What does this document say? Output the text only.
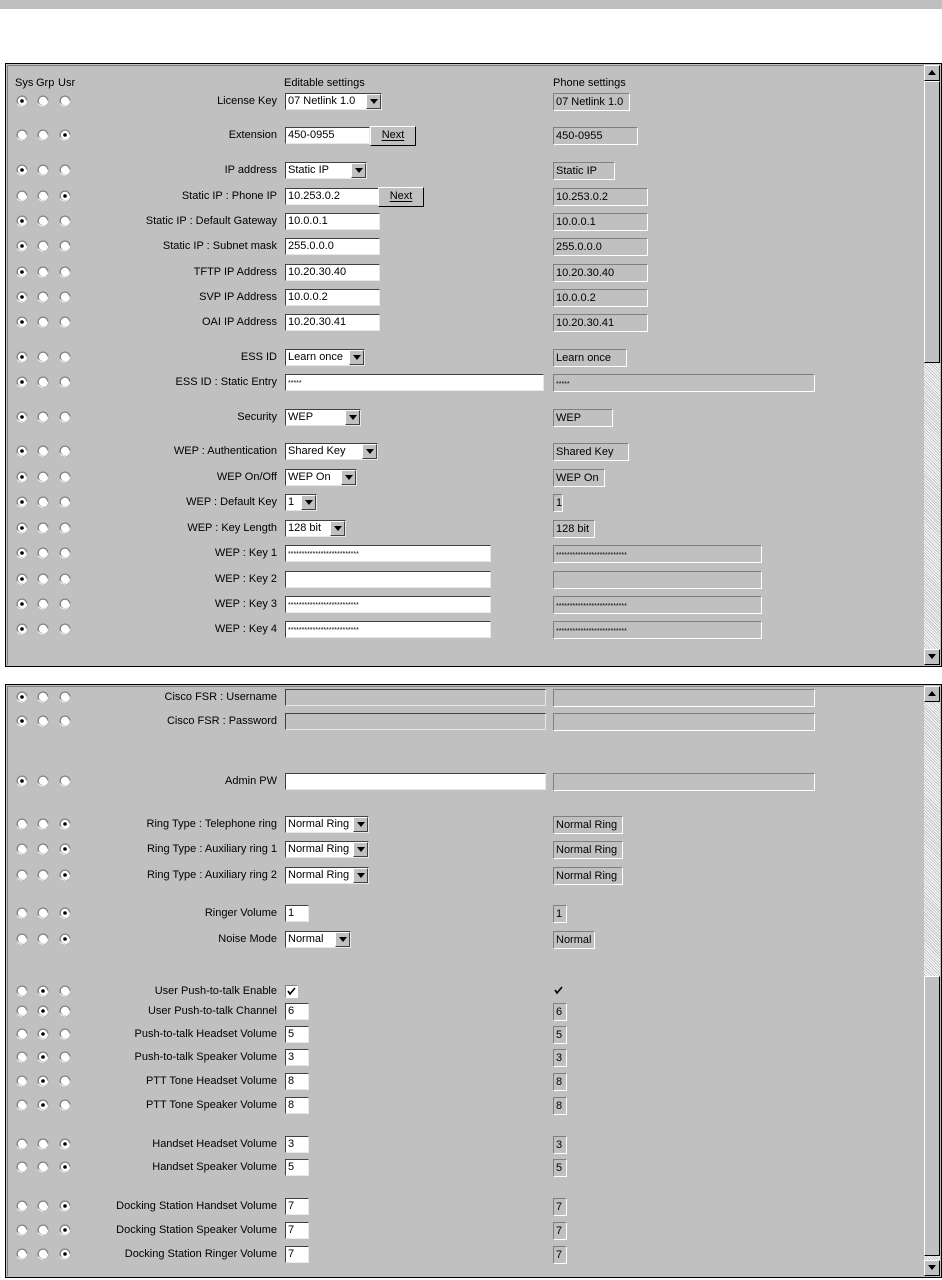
Sys Grp Usr	Editable settings	Phone settings
License Key 07 Netlink 1.0	07 Netlink 1.0
Extension 450-0955	Next	450-0955
IP address Static IP	Static IP
Static IP : Phone IP 10.253.0.2	Next	10.253.0.2
Static IP : Default Gateway 10.0.0.1	10.0.0.1
Static IP : Subnet mask 255.0.0.0	255.0.0.0
TFTP IP Address 10.20.30.40	10.20.30.40
SVP IP Address 10.0.0.2	10.0.0.2
OAI IP Address 10.20.30.41	10.20.30.41
ESS ID Learn once	Learn once
ESS ID : Static Entry	*****	*****
Security WEP	WEP
WEP : Authentication Shared Key	Shared Key
WEP On/Off WEP On	WEP On
WEP : Default Key 1	1
WEP : Key Length 128 bit	128 bit
WEP : Key 1	**************************	**************************
WEP : Key 2
WEP : Key 3	**************************	**************************
WEP : Key 4	**************************	**************************
Cisco FSR : Username
Cisco FSR : Password
Admin PW
Ring Type : Telephone ring Normal Ring	Normal Ring
Ring Type : Auxiliary ring 1 Normal Ring	Normal Ring
Ring Type : Auxiliary ring 2 Normal Ring	Normal Ring
Ringer Volume 1	1
Noise Mode Normal	Normal
User Push-to-talk Enable
User Push-to-talk Channel 6	6
Push-to-talk Headset Volume 5	5
Push-to-talk Speaker Volume 3	3
PTT Tone Headset Volume 8	8
PTT Tone Speaker Volume 8	8
Handset Headset Volume 3	3
Handset Speaker Volume 5	5
Docking Station Handset Volume 7	7
Docking Station Speaker Volume 7	7
Docking Station Ringer Volume 7	7
